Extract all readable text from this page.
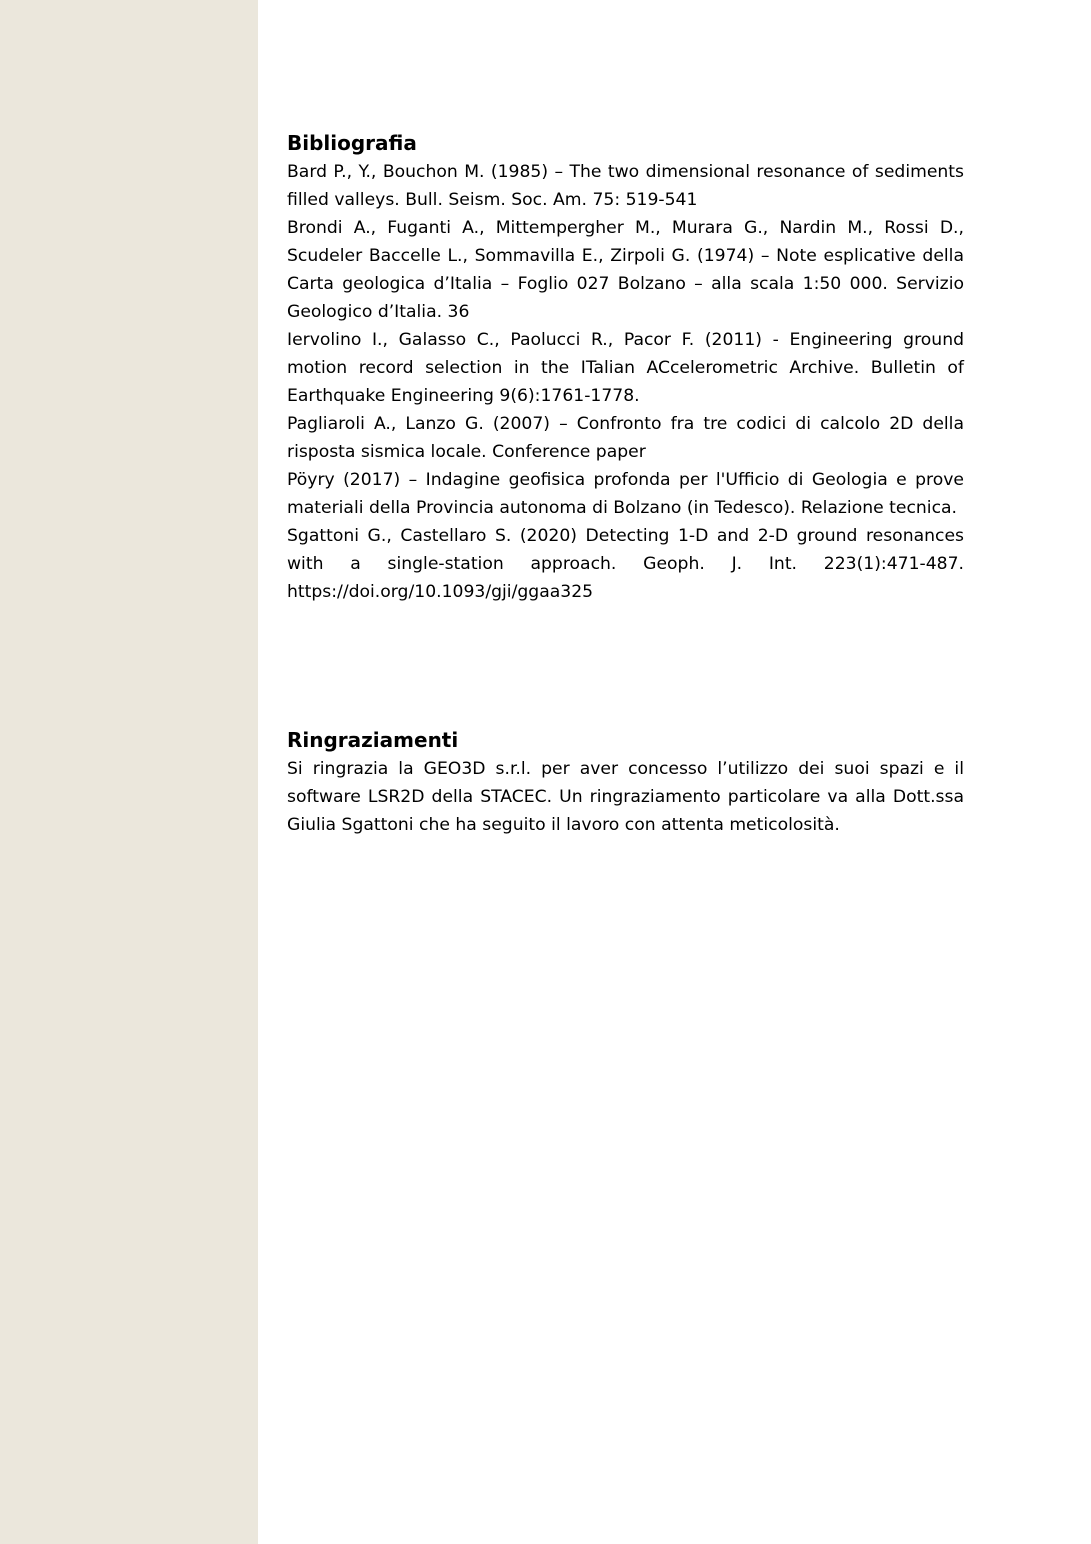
Bibliografia

Bard P., Y., Bouchon M. (1985) – The two dimensional resonance of sediments filled valleys. Bull. Seism. Soc. Am. 75: 519-541

Brondi A., Fuganti A., Mittempergher M., Murara G., Nardin M., Rossi D., Scudeler Baccelle L., Sommavilla E., Zirpoli G. (1974) – Note esplicative della Carta geologica d’Italia – Foglio 027 Bolzano – alla scala 1:50 000. Servizio Geologico d’Italia. 36

Iervolino I., Galasso C., Paolucci R., Pacor F. (2011) - Engineering ground motion record selection in the ITalian ACcelerometric Archive. Bulletin of Earthquake Engineering 9(6):1761-1778.

Pagliaroli A., Lanzo G. (2007) – Confronto fra tre codici di calcolo 2D della risposta sismica locale. Conference paper

Pöyry (2017) – Indagine geofisica profonda per l'Ufficio di Geologia e prove materiali della Provincia autonoma di Bolzano (in Tedesco). Relazione tecnica.

Sgattoni G., Castellaro S. (2020) Detecting 1-D and 2-D ground resonances with a single-station approach. Geoph. J. Int. 223(1):471-487. https://doi.org/10.1093/gji/ggaa325

Ringraziamenti

Si ringrazia la GEO3D s.r.l. per aver concesso l’utilizzo dei suoi spazi e il software LSR2D della STACEC. Un ringraziamento particolare va alla Dott.ssa Giulia Sgattoni che ha seguito il lavoro con attenta meticolosità.
